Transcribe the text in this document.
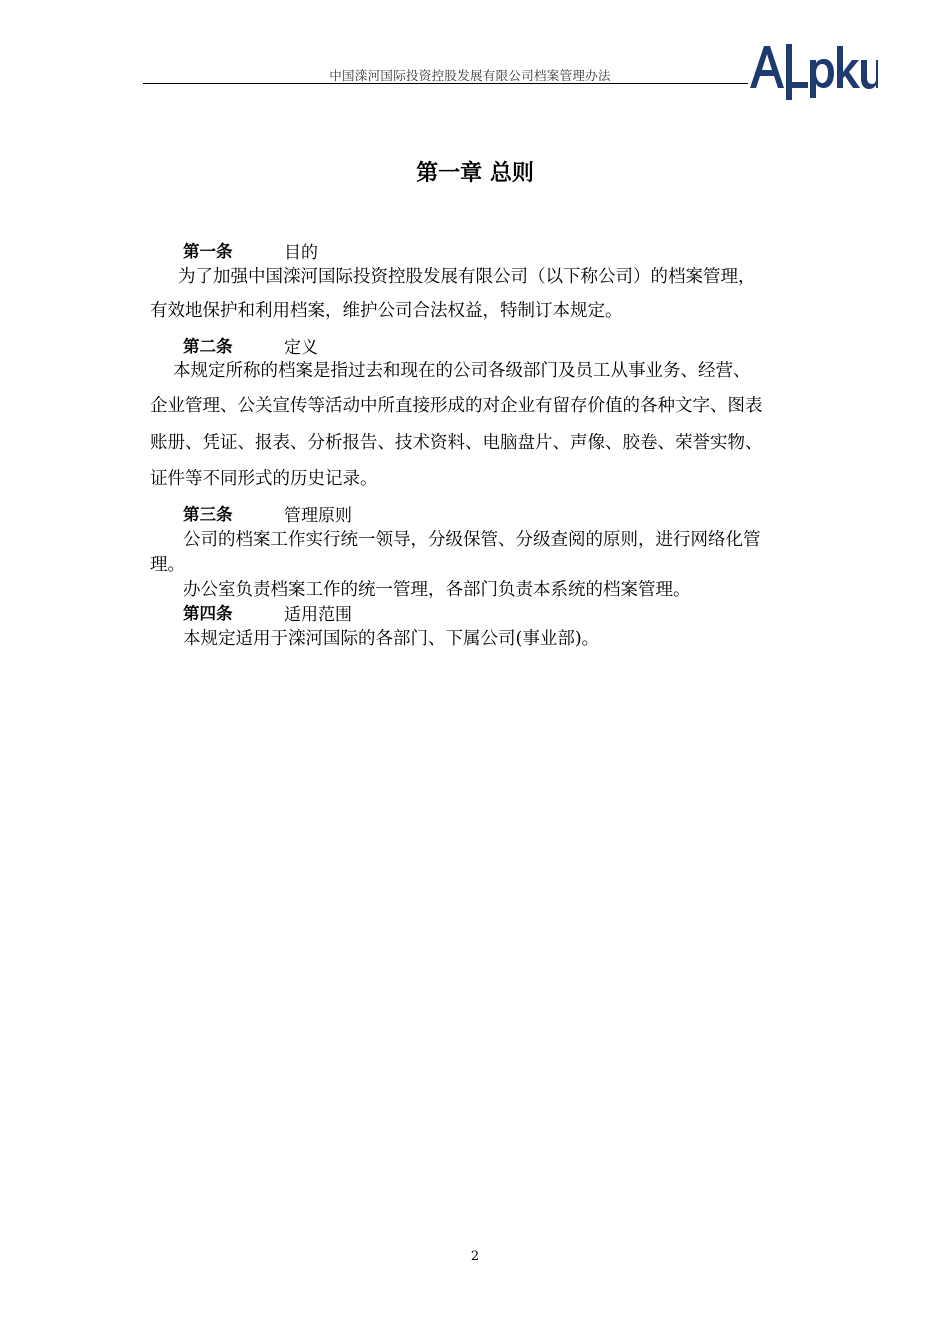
中国滦河国际投资控股发展有限公司档案管理办法
第一章 总则
第一条	目的
为了加强中国滦河国际投资控股发展有限公司（以下称公司）的档案管理，
有效地保护和利用档案，维护公司合法权益，特制订本规定。
第二条	定义
本规定所称的档案是指过去和现在的公司各级部门及员工从事业务、经营、
企业管理、公关宣传等活动中所直接形成的对企业有留存价值的各种文字、图表
账册、凭证、报表、分析报告、技术资料、电脑盘片、声像、胶卷、荣誉实物、
证件等不同形式的历史记录。
第三条	管理原则
公司的档案工作实行统一领导，分级保管、分级查阅的原则，进行网络化管
理。
办公室负责档案工作的统一管理，各部门负责本系统的档案管理。
第四条	适用范围
本规定适用于滦河国际的各部门、下属公司(事业部)。
2
